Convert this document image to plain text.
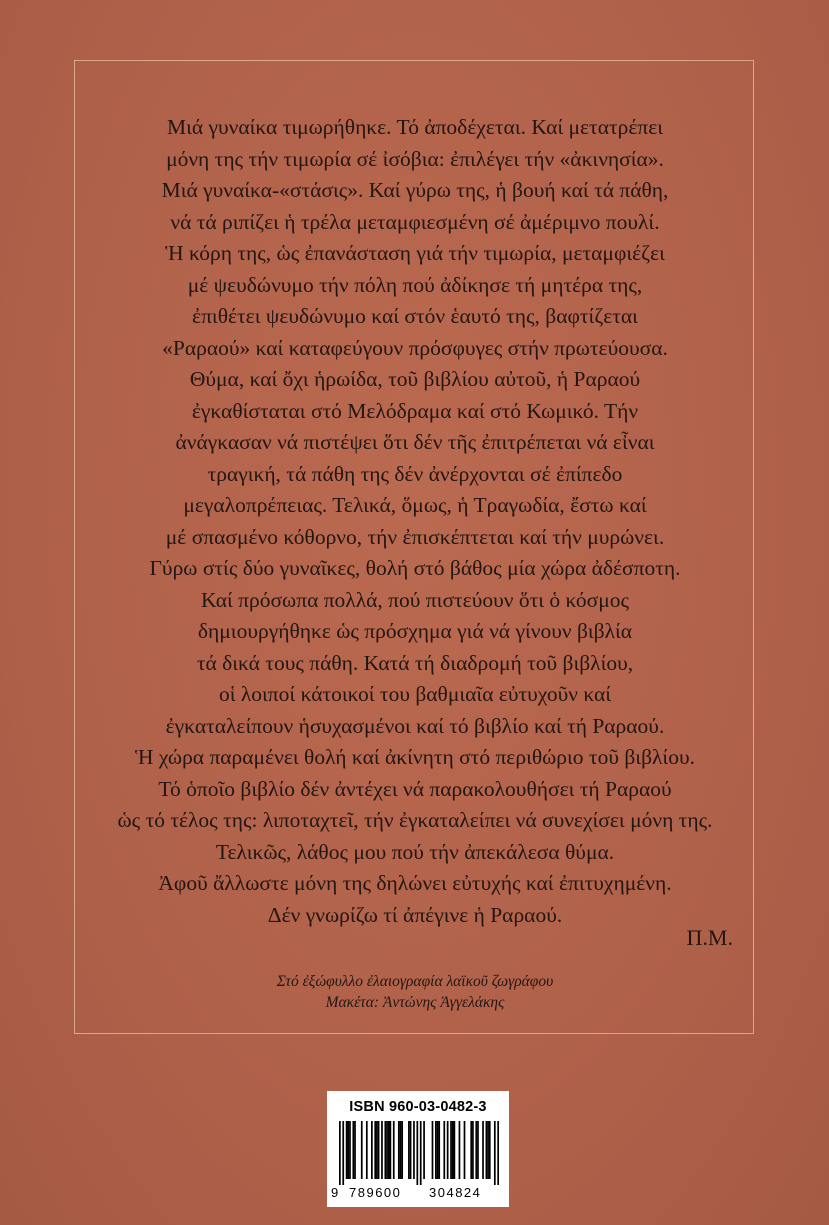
Μιά γυναίκα τιμωρήθηκε. Τό ἀποδέχεται. Καί μετατρέπει
μόνη της τήν τιμωρία σέ ἰσόβια: ἐπιλέγει τήν «ἀκινησία».
Μιά γυναίκα-«στάσις». Καί γύρω της, ἡ βουή καί τά πάθη,
νά τά ριπίζει ἡ τρέλα μεταμφιεσμένη σέ ἀμέριμνο πουλί.
Ἡ κόρη της, ὡς ἐπανάσταση γιά τήν τιμωρία, μεταμφιέζει
μέ ψευδώνυμο τήν πόλη πού ἀδίκησε τή μητέρα της,
ἐπιθέτει ψευδώνυμο καί στόν ἑαυτό της, βαφτίζεται
«Ραραού» καί καταφεύγουν πρόσφυγες στήν πρωτεύουσα.
Θύμα, καί ὄχι ἡρωίδα, τοῦ βιβλίου αὐτοῦ, ἡ Ραραού
ἐγκαθίσταται στό Μελόδραμα καί στό Κωμικό. Τήν
ἀνάγκασαν νά πιστέψει ὅτι δέν τῆς ἐπιτρέπεται νά εἶναι
τραγική, τά πάθη της δέν ἀνέρχονται σέ ἐπίπεδο
μεγαλοπρέπειας. Τελικά, ὅμως, ἡ Τραγωδία, ἔστω καί
μέ σπασμένο κόθορνο, τήν ἐπισκέπτεται καί τήν μυρώνει.
Γύρω στίς δύο γυναῖκες, θολή στό βάθος μία χώρα ἀδέσποτη.
Καί πρόσωπα πολλά, πού πιστεύουν ὅτι ὁ κόσμος
δημιουργήθηκε ὡς πρόσχημα γιά νά γίνουν βιβλία
τά δικά τους πάθη. Κατά τή διαδρομή τοῦ βιβλίου,
οἱ λοιποί κάτοικοί του βαθμιαῖα εὐτυχοῦν καί
ἐγκαταλείπουν ἡσυχασμένοι καί τό βιβλίο καί τή Ραραού.
Ἡ χώρα παραμένει θολή καί ἀκίνητη στό περιθώριο τοῦ βιβλίου.
Τό ὁποῖο βιβλίο δέν ἀντέχει νά παρακολουθήσει τή Ραραού
ὡς τό τέλος της: λιποταχτεῖ, τήν ἐγκαταλείπει νά συνεχίσει μόνη της.
Τελικῶς, λάθος μου πού τήν ἀπεκάλεσα θύμα.
Ἀφοῦ ἄλλωστε μόνη της δηλώνει εὐτυχής καί ἐπιτυχημένη.
Δέν γνωρίζω τί ἀπέγινε ἡ Ραραού.
Π.Μ.
Στό ἐξώφυλλο ἐλαιογραφία λαϊκοῦ ζωγράφου
Μακέτα: Ἀντώνης Ἀγγελάκης
ISBN 960-03-0482-3
9 789600 304824
